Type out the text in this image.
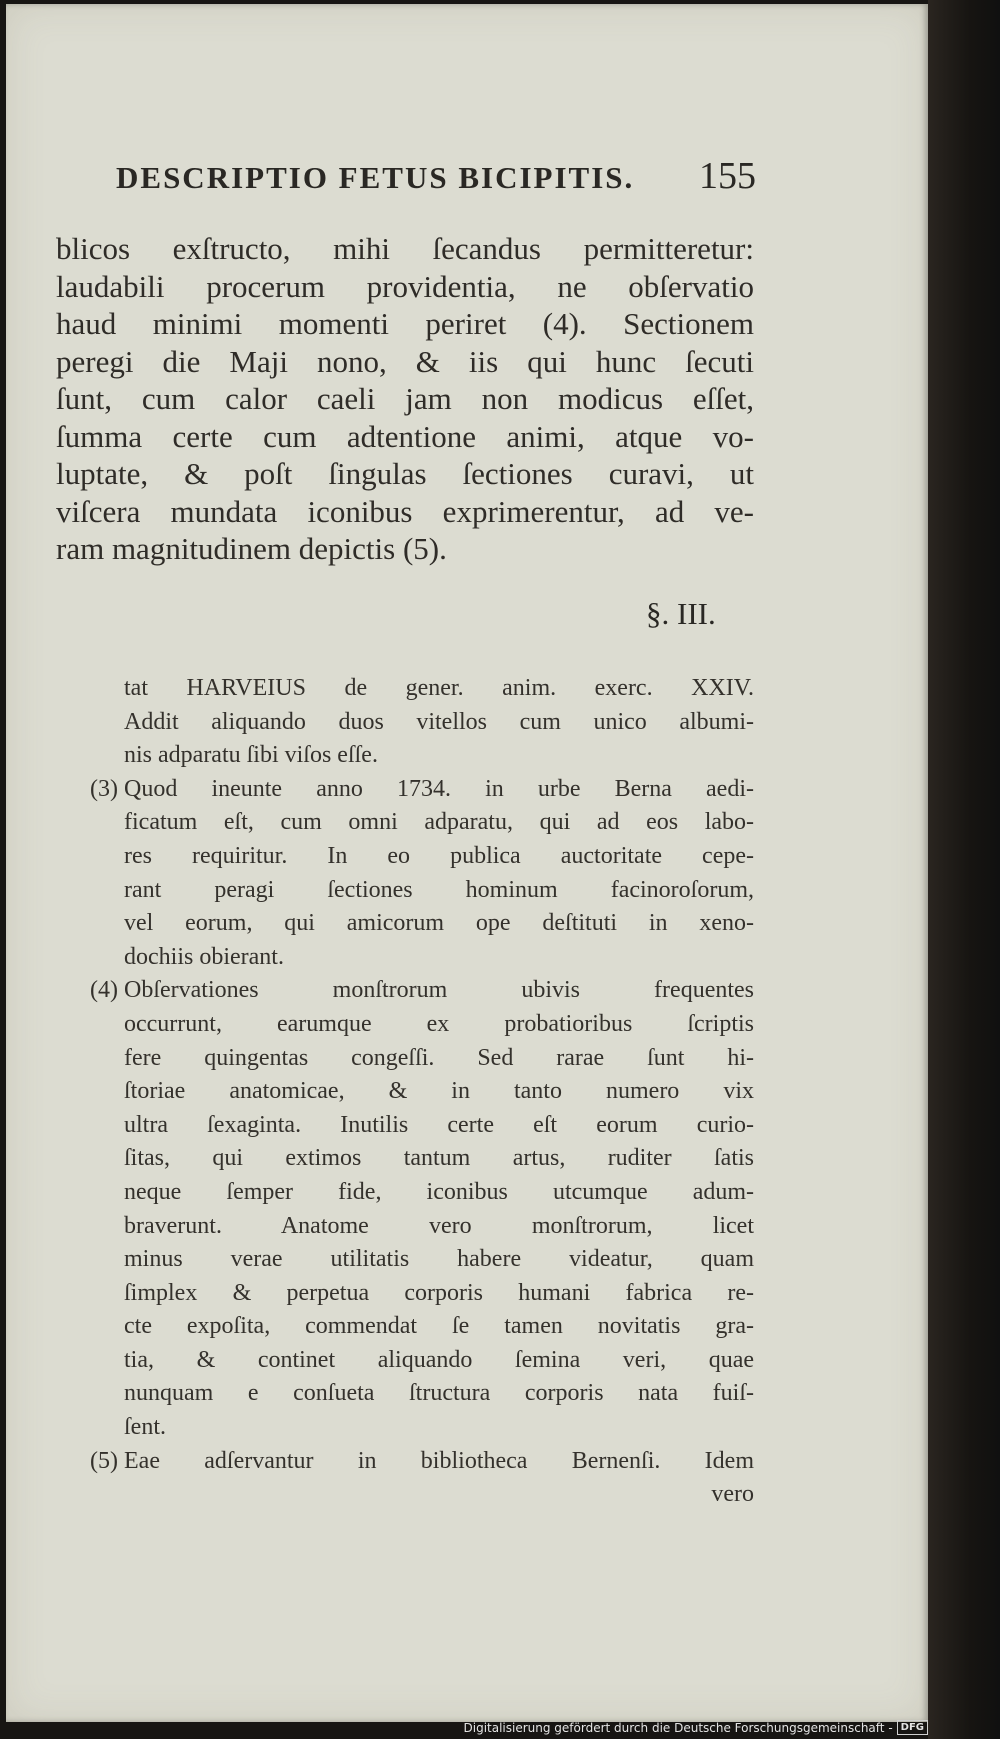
DESCRIPTIO FETUS BICIPITIS. 155
blicos exſtructo, mihi ſecandus permitteretur:
laudabili procerum providentia, ne obſervatio
haud minimi momenti periret (4). Sectionem
peregi die Maji nono, & iis qui hunc ſecuti
ſunt, cum calor caeli jam non modicus eſſet,
ſumma certe cum adtentione animi, atque vo-
luptate, & poſt ſingulas ſectiones curavi, ut
viſcera mundata iconibus exprimerentur, ad ve-
ram magnitudinem depictis (5).
§. III.
tat HARVEIUS de gener. anim. exerc. XXIV.
Addit aliquando duos vitellos cum unico albumi-
nis adparatu ſibi viſos eſſe.
(3) Quod ineunte anno 1734. in urbe Berna aedi-
ficatum eſt, cum omni adparatu, qui ad eos labo-
res requiritur. In eo publica auctoritate cepe-
rant peragi ſectiones hominum facinoroſorum,
vel eorum, qui amicorum ope deſtituti in xeno-
dochiis obierant.
(4) Obſervationes monſtrorum ubivis frequentes
occurrunt, earumque ex probatioribus ſcriptis
fere quingentas congeſſi. Sed rarae ſunt hi-
ſtoriae anatomicae, & in tanto numero vix
ultra ſexaginta. Inutilis certe eſt eorum curio-
ſitas, qui extimos tantum artus, ruditer ſatis
neque ſemper fide, iconibus utcumque adum-
braverunt. Anatome vero monſtrorum, licet
minus verae utilitatis habere videatur, quam
ſimplex & perpetua corporis humani fabrica re-
cte expoſita, commendat ſe tamen novitatis gra-
tia, & continet aliquando ſemina veri, quae
nunquam e conſueta ſtructura corporis nata fuiſ-
ſent.
(5) Eae adſervantur in bibliotheca Bernenſi. Idem
vero
Digitalisierung gefördert durch die Deutsche Forschungsgemeinschaft - DFG
